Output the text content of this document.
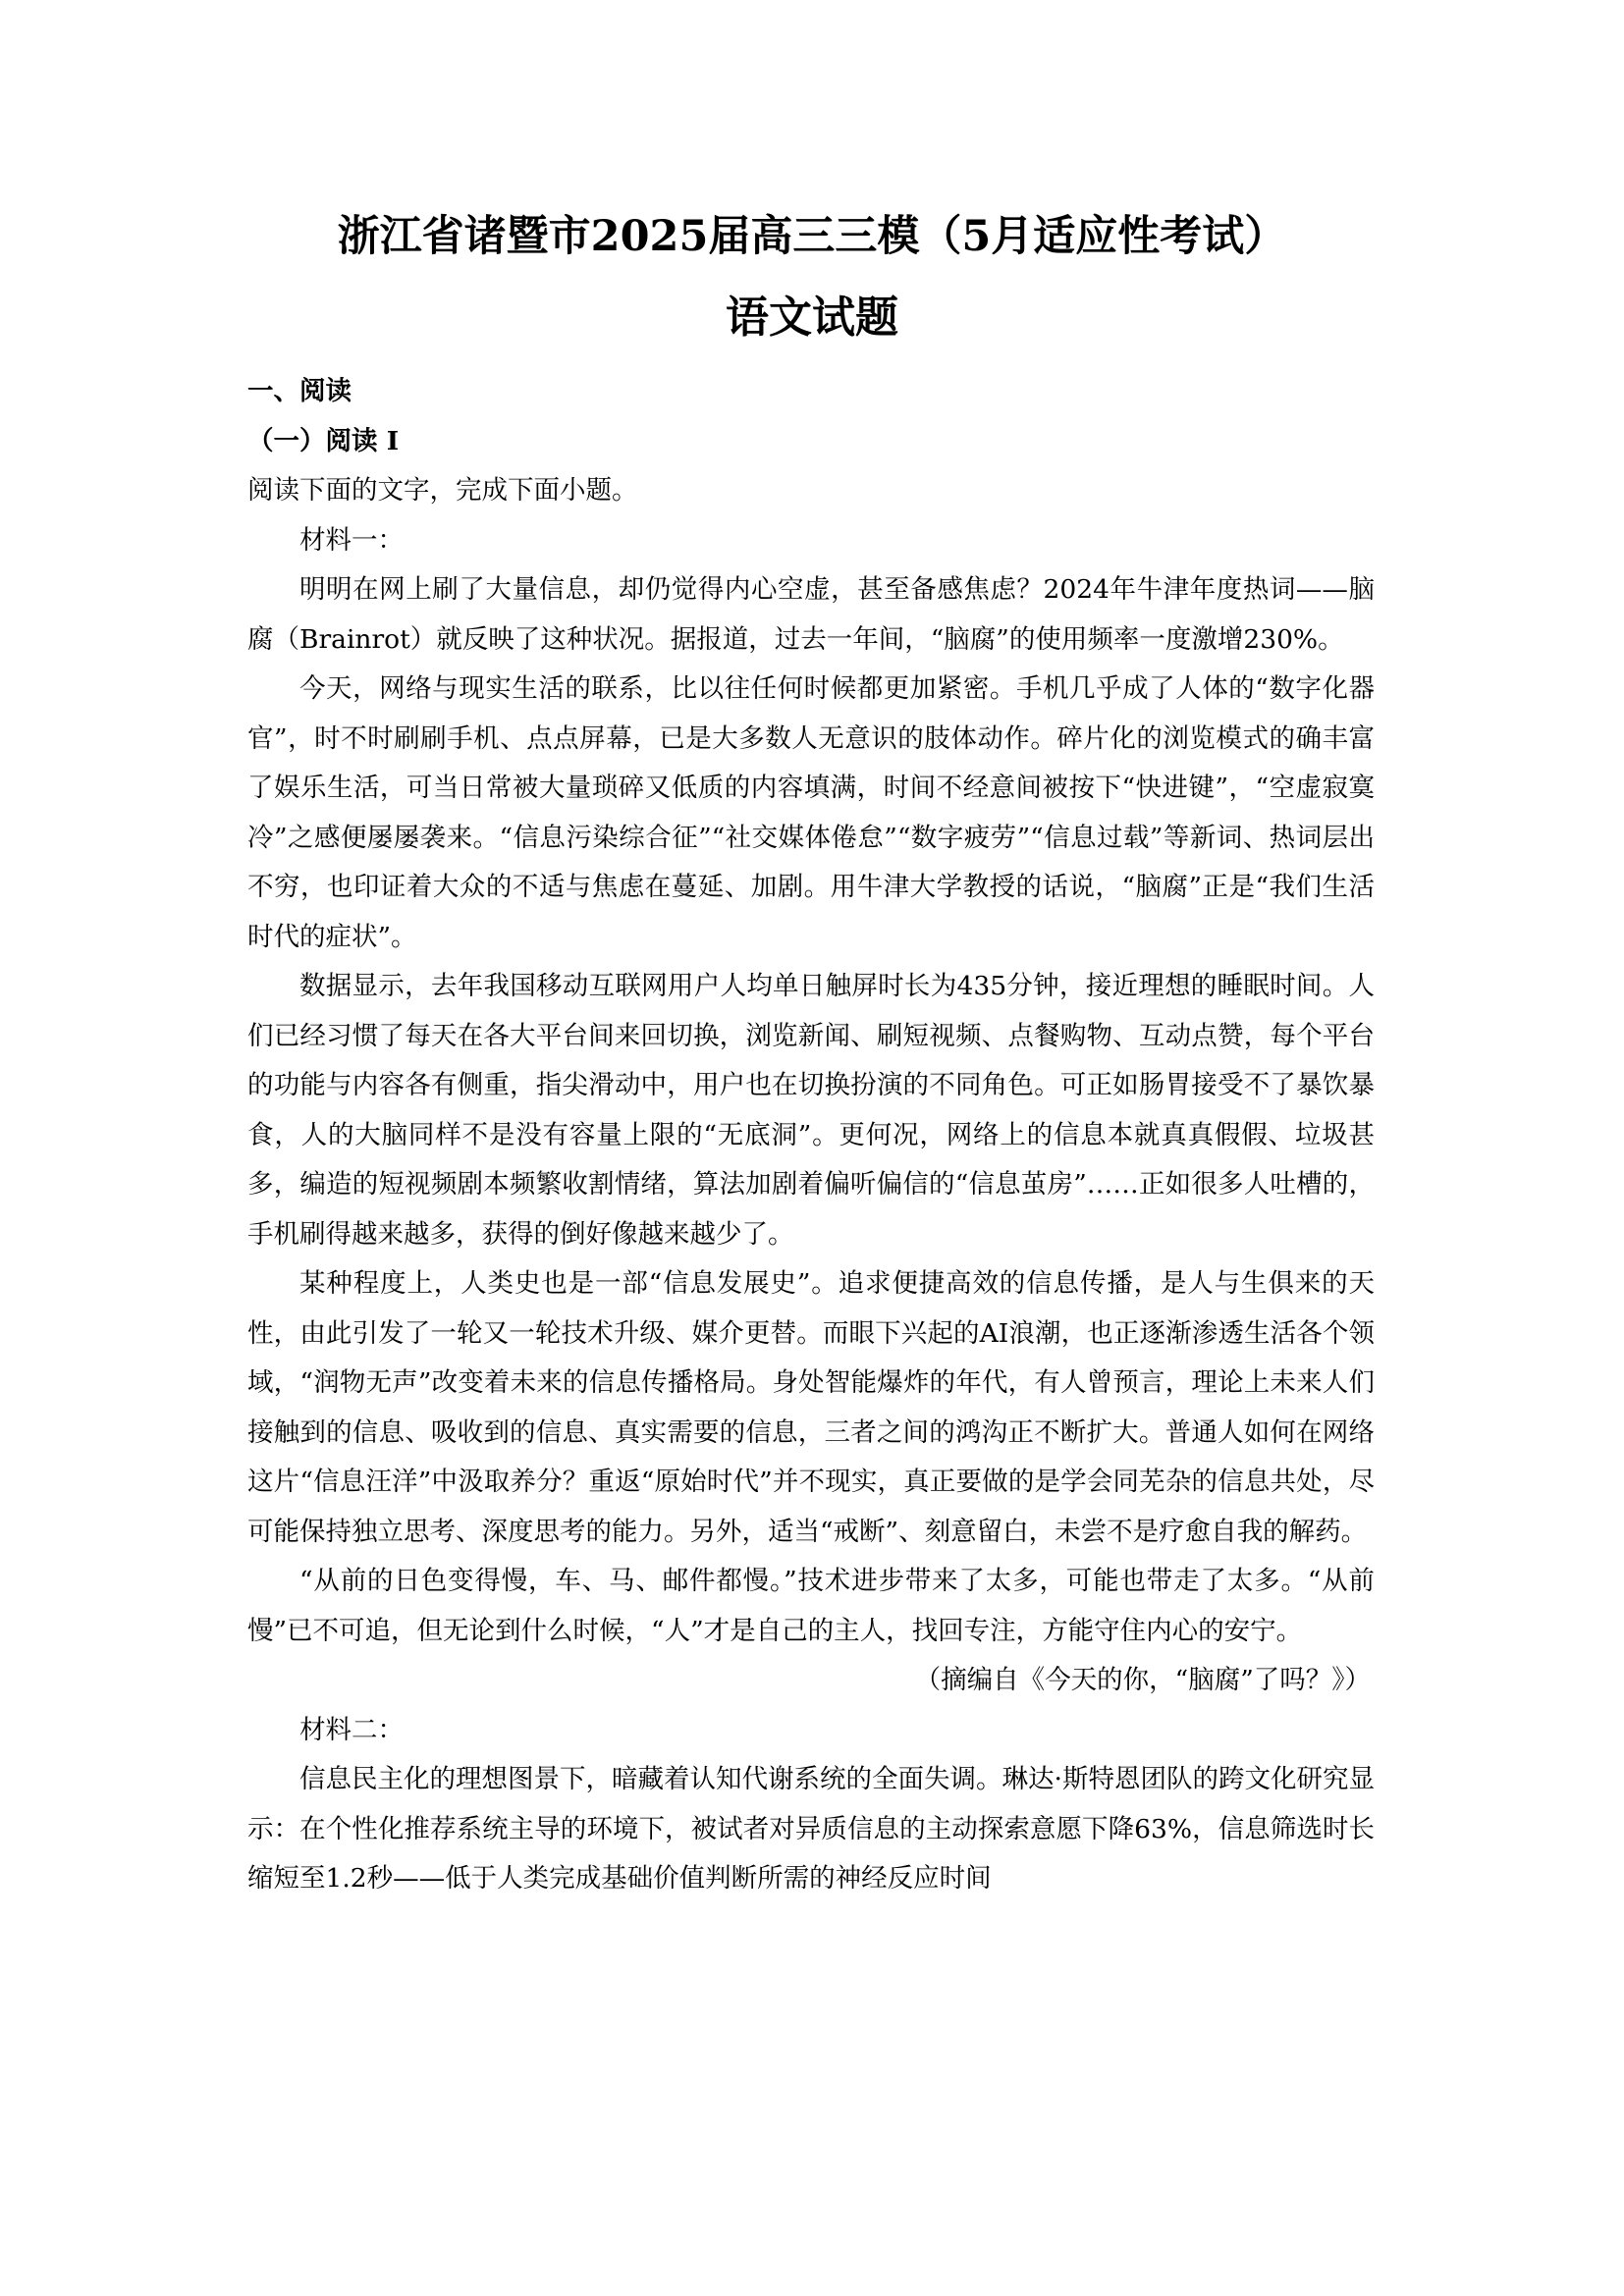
浙江省诸暨市2025届高三三模（5月适应性考试）
语文试题

一、阅读

（一）阅读 I

阅读下面的文字，完成下面小题。

材料一：

明明在网上刷了大量信息，却仍觉得内心空虚，甚至备感焦虑？2024年牛津年度热词——脑腐（Brainrot）就反映了这种状况。据报道，过去一年间，“脑腐”的使用频率一度激增230%。

今天，网络与现实生活的联系，比以往任何时候都更加紧密。手机几乎成了人体的“数字化器官”，时不时刷刷手机、点点屏幕，已是大多数人无意识的肢体动作。碎片化的浏览模式的确丰富了娱乐生活，可当日常被大量琐碎又低质的内容填满，时间不经意间被按下“快进键”，“空虚寂寞冷”之感便屡屡袭来。“信息污染综合征”“社交媒体倦怠”“数字疲劳”“信息过载”等新词、热词层出不穷，也印证着大众的不适与焦虑在蔓延、加剧。用牛津大学教授的话说，“脑腐”正是“我们生活时代的症状”。

数据显示，去年我国移动互联网用户人均单日触屏时长为435分钟，接近理想的睡眠时间。人们已经习惯了每天在各大平台间来回切换，浏览新闻、刷短视频、点餐购物、互动点赞，每个平台的功能与内容各有侧重，指尖滑动中，用户也在切换扮演的不同角色。可正如肠胃接受不了暴饮暴食，人的大脑同样不是没有容量上限的“无底洞”。更何况，网络上的信息本就真真假假、垃圾甚多，编造的短视频剧本频繁收割情绪，算法加剧着偏听偏信的“信息茧房”……正如很多人吐槽的，手机刷得越来越多，获得的倒好像越来越少了。

某种程度上，人类史也是一部“信息发展史”。追求便捷高效的信息传播，是人与生俱来的天性，由此引发了一轮又一轮技术升级、媒介更替。而眼下兴起的AI浪潮，也正逐渐渗透生活各个领域，“润物无声”改变着未来的信息传播格局。身处智能爆炸的年代，有人曾预言，理论上未来人们接触到的信息、吸收到的信息、真实需要的信息，三者之间的鸿沟正不断扩大。普通人如何在网络这片“信息汪洋”中汲取养分？重返“原始时代”并不现实，真正要做的是学会同芜杂的信息共处，尽可能保持独立思考、深度思考的能力。另外，适当“戒断”、刻意留白，未尝不是疗愈自我的解药。

“从前的日色变得慢，车、马、邮件都慢。”技术进步带来了太多，可能也带走了太多。“从前慢”已不可追，但无论到什么时候，“人”才是自己的主人，找回专注，方能守住内心的安宁。

（摘编自《今天的你，“脑腐”了吗？》）

材料二：

信息民主化的理想图景下，暗藏着认知代谢系统的全面失调。琳达·斯特恩团队的跨文化研究显示：在个性化推荐系统主导的环境下，被试者对异质信息的主动探索意愿下降63%，信息筛选时长缩短至1.2秒——低于人类完成基础价值判断所需的神经反应时间
